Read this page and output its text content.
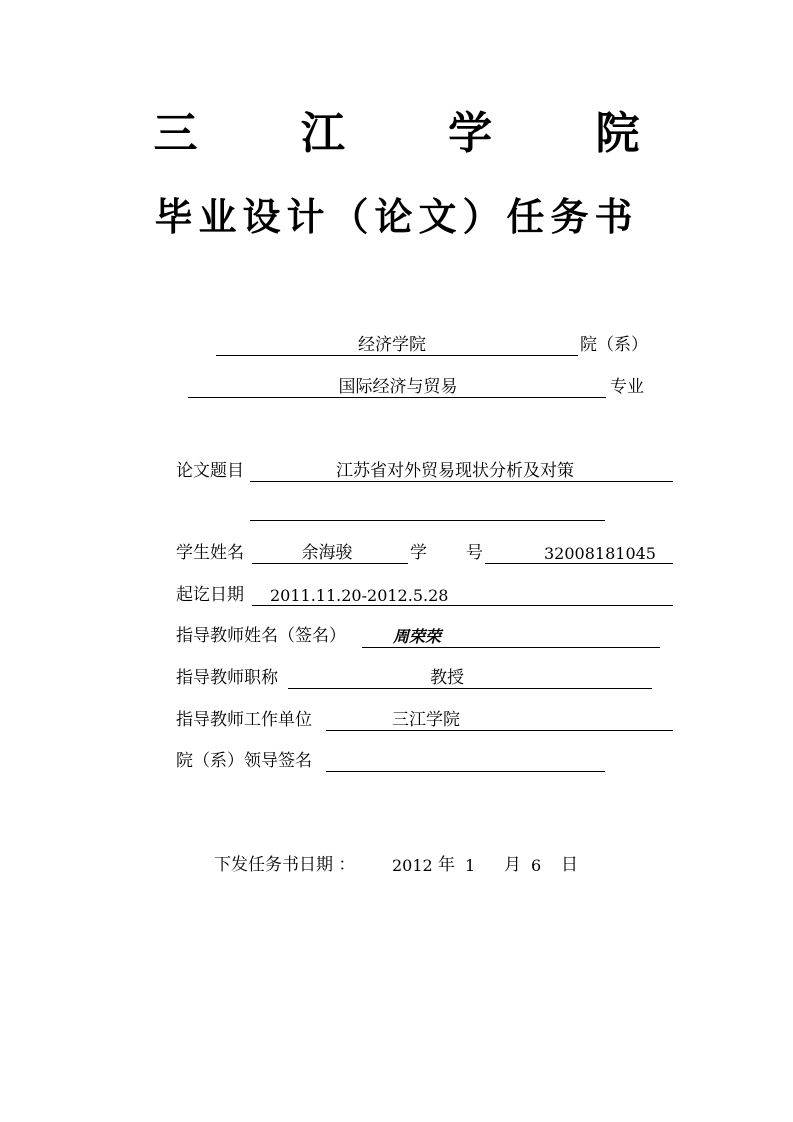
三 江 学 院
毕业设计（论文）任务书
经济学院	院（系）
国际经济与贸易	专业
论文题目	江苏省对外贸易现状分析及对策
学生姓名	余海骏	学 号	32008181045
起讫日期 2011.11.20-2012.5.28
指导教师姓名（签名）	周荣荣
指导教师职称	教授
指导教师工作单位	三江学院
院（系）领导签名
下发任务书日期 ： 2012 年 1 月 6 日
